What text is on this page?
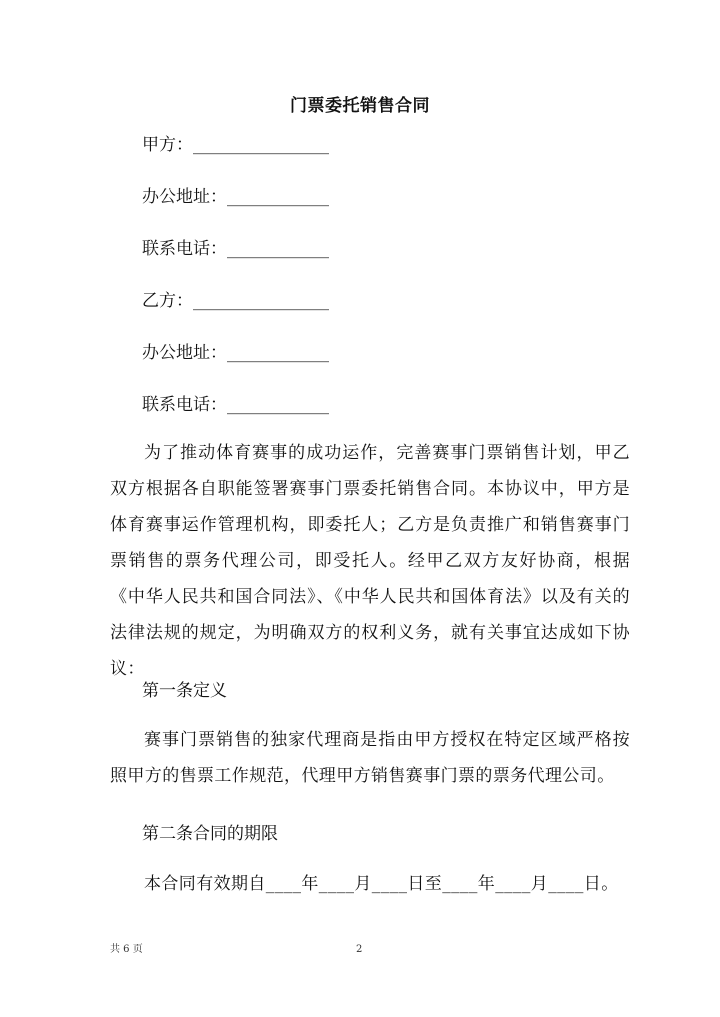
门票委托销售合同
甲方：________________
办公地址：____________
联系电话：____________
乙方：________________
办公地址：____________
联系电话：____________
为了推动体育赛事的成功运作，完善赛事门票销售计划，甲乙双方根据各自职能签署赛事门票委托销售合同。本协议中，甲方是体育赛事运作管理机构，即委托人；乙方是负责推广和销售赛事门票销售的票务代理公司，即受托人。经甲乙双方友好协商，根据《中华人民共和国合同法》、《中华人民共和国体育法》以及有关的法律法规的规定，为明确双方的权利义务，就有关事宜达成如下协议：
第一条定义
赛事门票销售的独家代理商是指由甲方授权在特定区域严格按照甲方的售票工作规范，代理甲方销售赛事门票的票务代理公司。
第二条合同的期限
本合同有效期自____年____月____日至____年____月____日。
共 6 页	2
